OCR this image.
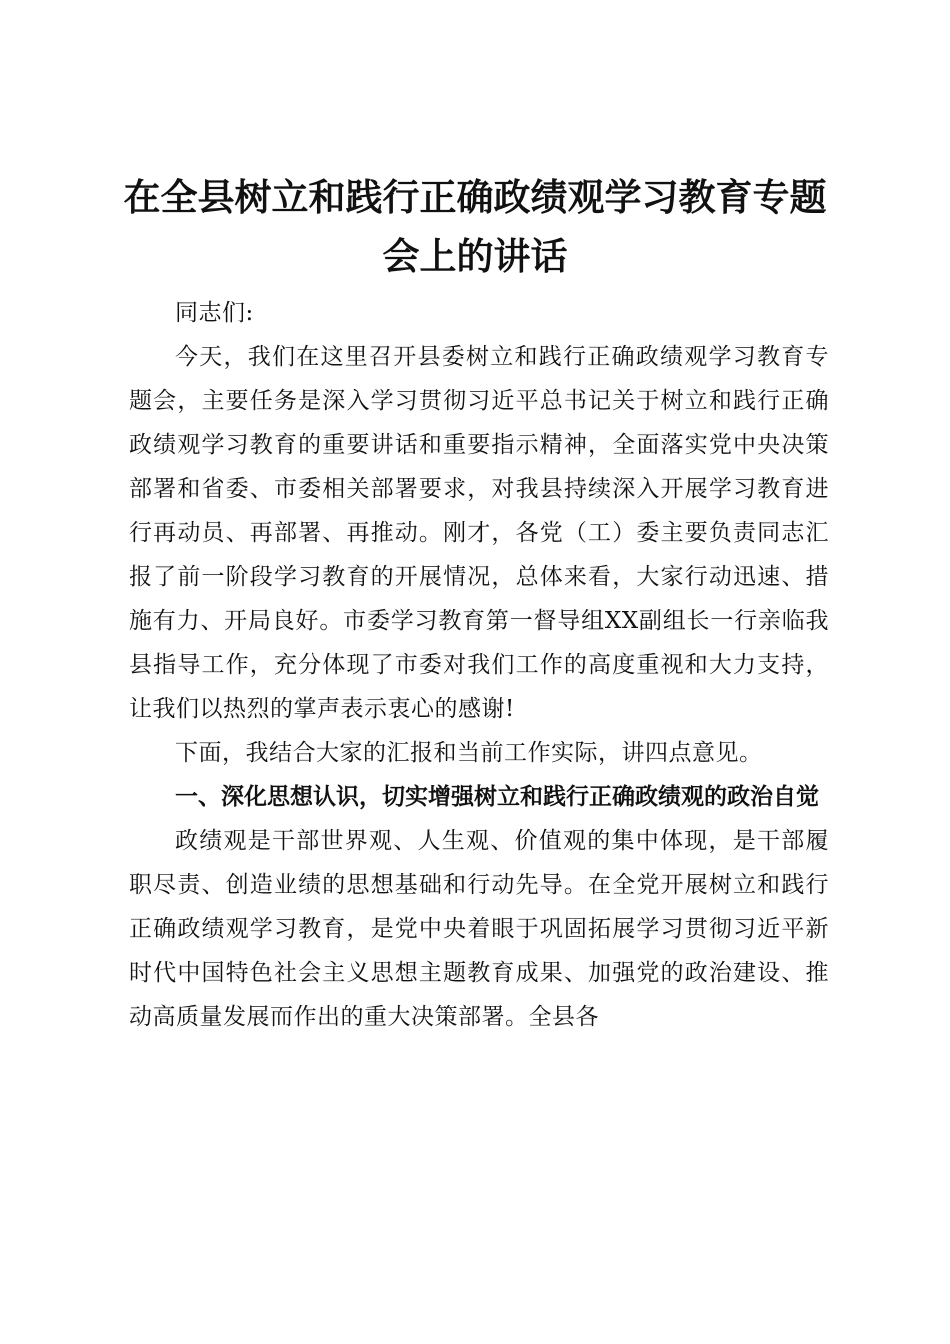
在全县树立和践行正确政绩观学习教育专题会上的讲话

同志们:

今天，我们在这里召开县委树立和践行正确政绩观学习教育专题会，主要任务是深入学习贯彻习近平总书记关于树立和践行正确政绩观学习教育的重要讲话和重要指示精神，全面落实党中央决策部署和省委、市委相关部署要求，对我县持续深入开展学习教育进行再动员、再部署、再推动。刚才，各党（工）委主要负责同志汇报了前一阶段学习教育的开展情况，总体来看，大家行动迅速、措施有力、开局良好。市委学习教育第一督导组XX副组长一行亲临我县指导工作，充分体现了市委对我们工作的高度重视和大力支持，让我们以热烈的掌声表示衷心的感谢!

下面，我结合大家的汇报和当前工作实际，讲四点意见。

一、深化思想认识，切实增强树立和践行正确政绩观的政治自觉

政绩观是干部世界观、人生观、价值观的集中体现，是干部履职尽责、创造业绩的思想基础和行动先导。在全党开展树立和践行正确政绩观学习教育，是党中央着眼于巩固拓展学习贯彻习近平新时代中国特色社会主义思想主题教育成果、加强党的政治建设、推动高质量发展而作出的重大决策部署。全县各
